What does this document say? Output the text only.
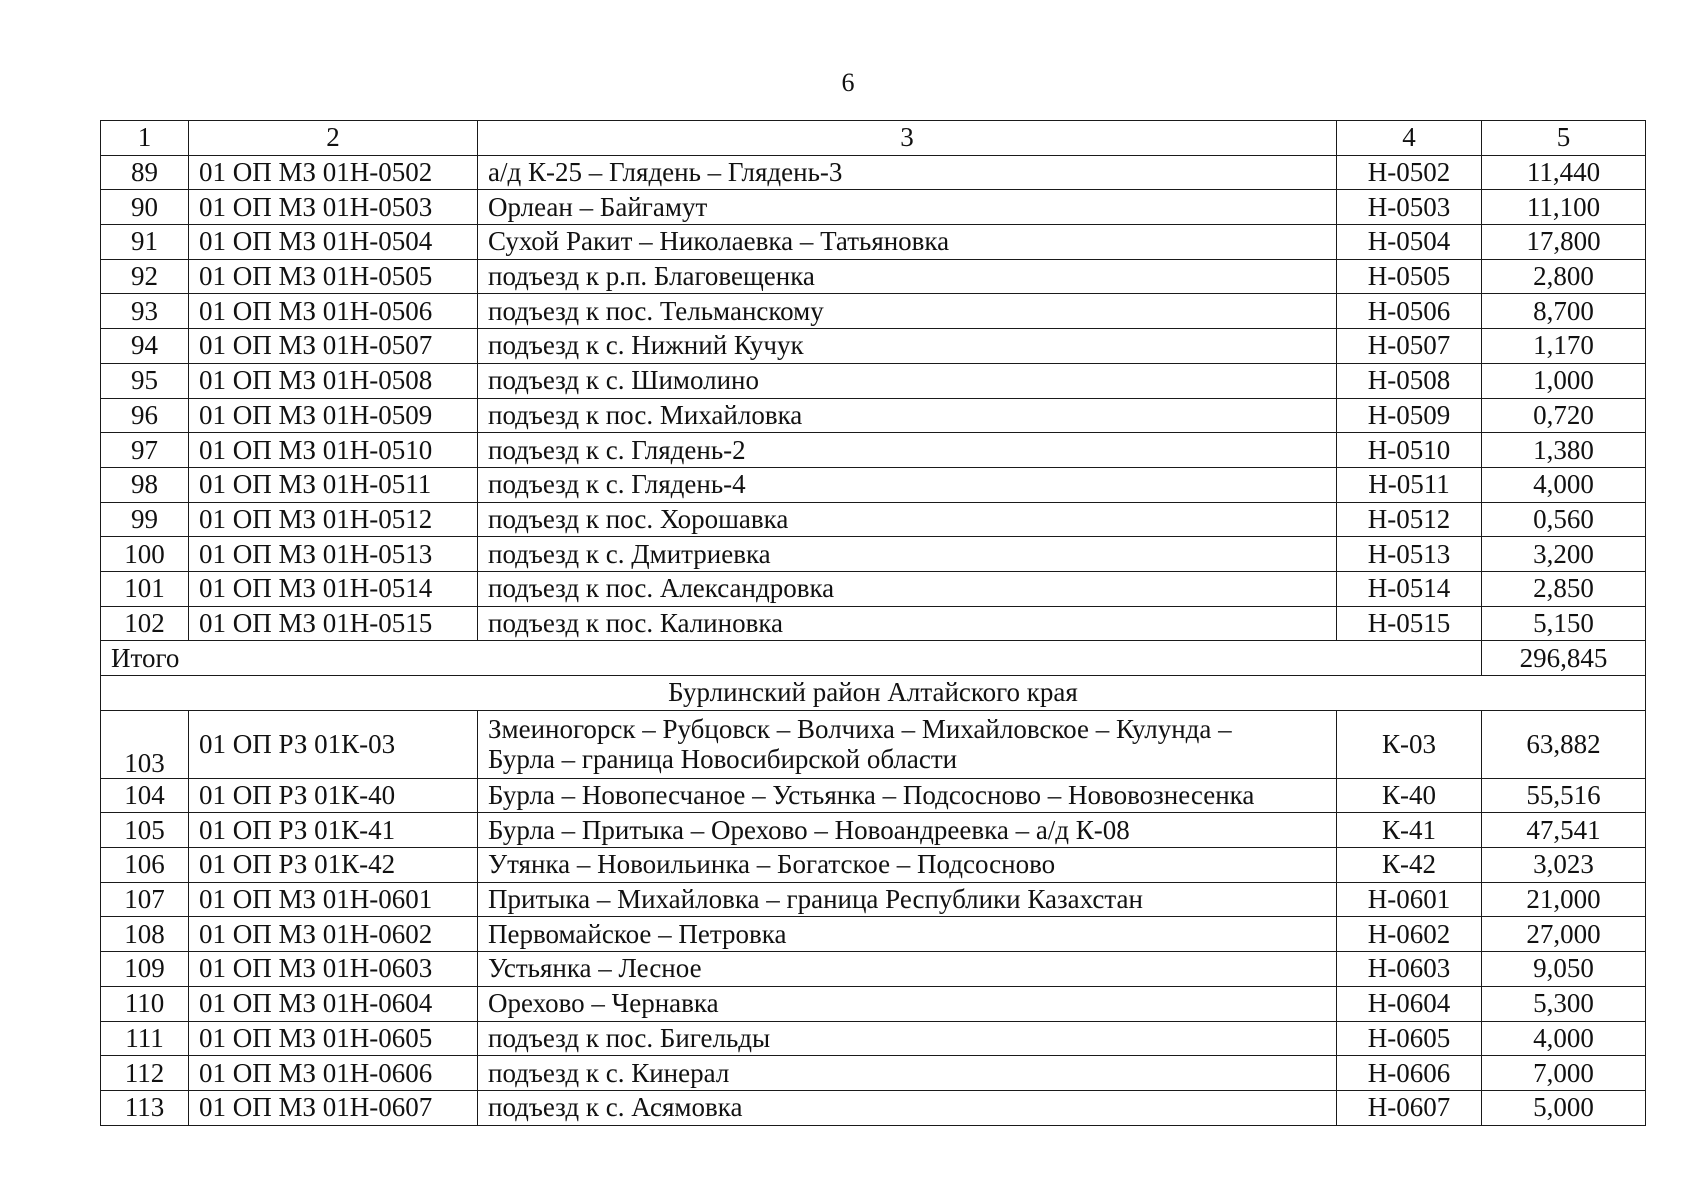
6
1	2	3	4	5
89	01 ОП МЗ 01Н-0502	а/д К-25 – Глядень – Глядень-3	Н-0502	11,440
90	01 ОП МЗ 01Н-0503	Орлеан – Байгамут	Н-0503	11,100
91	01 ОП МЗ 01Н-0504	Сухой Ракит – Николаевка – Татьяновка	Н-0504	17,800
92	01 ОП МЗ 01Н-0505	подъезд к р.п. Благовещенка	Н-0505	2,800
93	01 ОП МЗ 01Н-0506	подъезд к пос. Тельманскому	Н-0506	8,700
94	01 ОП МЗ 01Н-0507	подъезд к с. Нижний Кучук	Н-0507	1,170
95	01 ОП МЗ 01Н-0508	подъезд к с. Шимолино	Н-0508	1,000
96	01 ОП МЗ 01Н-0509	подъезд к пос. Михайловка	Н-0509	0,720
97	01 ОП МЗ 01Н-0510	подъезд к с. Глядень-2	Н-0510	1,380
98	01 ОП МЗ 01Н-0511	подъезд к с. Глядень-4	Н-0511	4,000
99	01 ОП МЗ 01Н-0512	подъезд к пос. Хорошавка	Н-0512	0,560
100	01 ОП МЗ 01Н-0513	подъезд к с. Дмитриевка	Н-0513	3,200
101	01 ОП МЗ 01Н-0514	подъезд к пос. Александровка	Н-0514	2,850
102	01 ОП МЗ 01Н-0515	подъезд к пос. Калиновка	Н-0515	5,150
Итого				296,845
Бурлинский район Алтайского края				
103	01 ОП РЗ 01К-03	Змеиногорск – Рубцовск – Волчиха – Михайловское – Кулунда –
Бурла – граница Новосибирской области	К-03	63,882
104	01 ОП РЗ 01К-40	Бурла – Новопесчаное – Устьянка – Подсосново – Нововознесенка	К-40	55,516
105	01 ОП РЗ 01К-41	Бурла – Притыка – Орехово – Новоандреевка – а/д К-08	К-41	47,541
106	01 ОП РЗ 01К-42	Утянка – Новоильинка – Богатское – Подсосново	К-42	3,023
107	01 ОП МЗ 01Н-0601	Притыка – Михайловка – граница Республики Казахстан	Н-0601	21,000
108	01 ОП МЗ 01Н-0602	Первомайское – Петровка	Н-0602	27,000
109	01 ОП МЗ 01Н-0603	Устьянка – Лесное	Н-0603	9,050
110	01 ОП МЗ 01Н-0604	Орехово – Чернавка	Н-0604	5,300
111	01 ОП МЗ 01Н-0605	подъезд к пос. Бигельды	Н-0605	4,000
112	01 ОП МЗ 01Н-0606	подъезд к с. Кинерал	Н-0606	7,000
113	01 ОП МЗ 01Н-0607	подъезд к с. Асямовка	Н-0607	5,000
